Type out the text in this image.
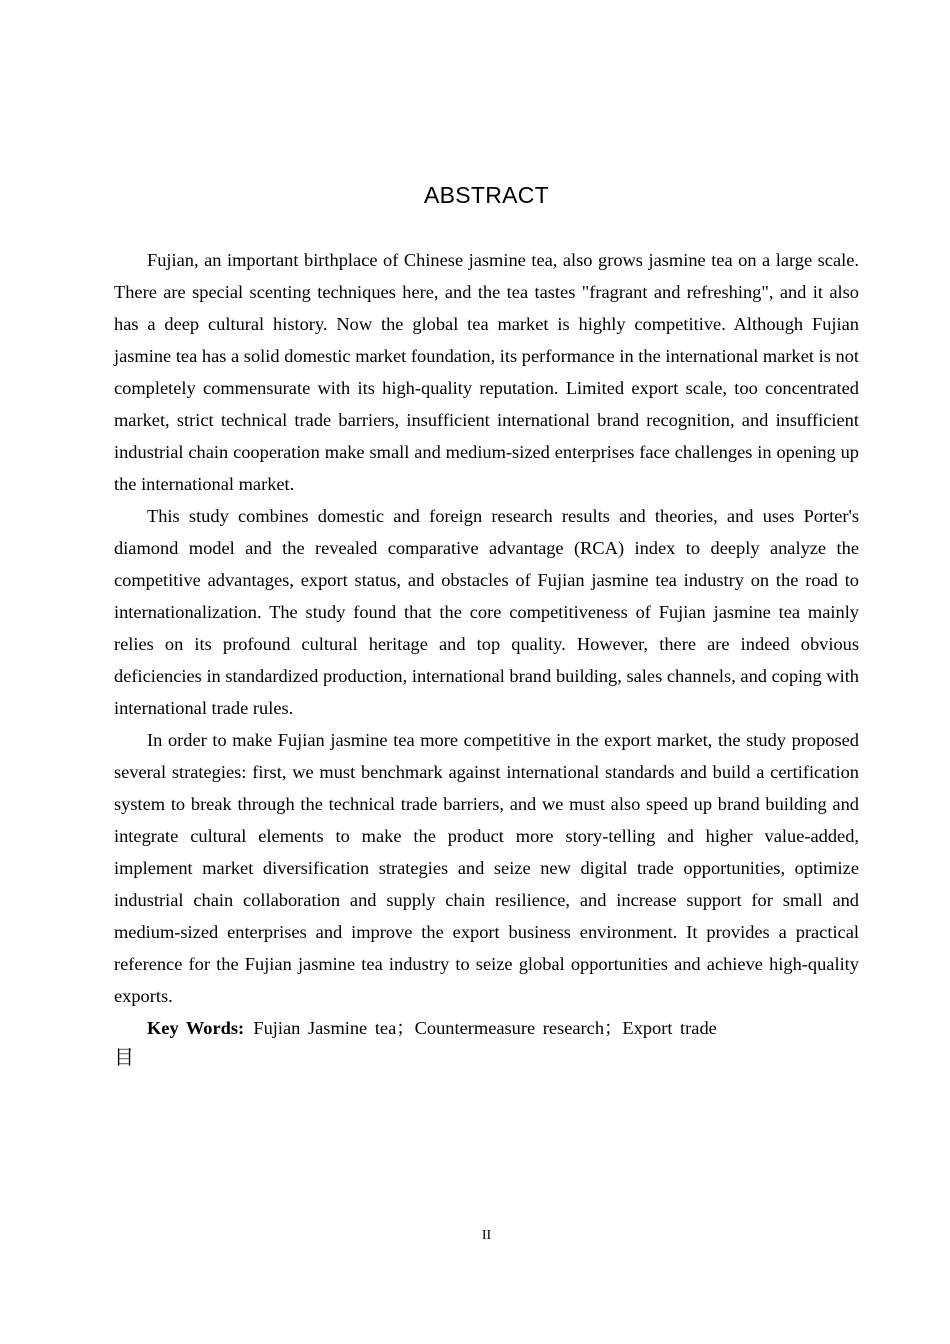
ABSTRACT

Fujian, an important birthplace of Chinese jasmine tea, also grows jasmine tea on a large scale. There are special scenting techniques here, and the tea tastes "fragrant and refreshing", and it also has a deep cultural history. Now the global tea market is highly competitive. Although Fujian jasmine tea has a solid domestic market foundation, its performance in the international market is not completely commensurate with its high-quality reputation. Limited export scale, too concentrated market, strict technical trade barriers, insufficient international brand recognition, and insufficient industrial chain cooperation make small and medium-sized enterprises face challenges in opening up the international market.

This study combines domestic and foreign research results and theories, and uses Porter's diamond model and the revealed comparative advantage (RCA) index to deeply analyze the competitive advantages, export status, and obstacles of Fujian jasmine tea industry on the road to internationalization. The study found that the core competitiveness of Fujian jasmine tea mainly relies on its profound cultural heritage and top quality. However, there are indeed obvious deficiencies in standardized production, international brand building, sales channels, and coping with international trade rules.

In order to make Fujian jasmine tea more competitive in the export market, the study proposed several strategies: first, we must benchmark against international standards and build a certification system to break through the technical trade barriers, and we must also speed up brand building and integrate cultural elements to make the product more story-telling and higher value-added, implement market diversification strategies and seize new digital trade opportunities, optimize industrial chain collaboration and supply chain resilience, and increase support for small and medium-sized enterprises and improve the export business environment. It provides a practical reference for the Fujian jasmine tea industry to seize global opportunities and achieve high-quality exports.

Key Words: Fujian Jasmine tea；Countermeasure research；Export trade

目
II
